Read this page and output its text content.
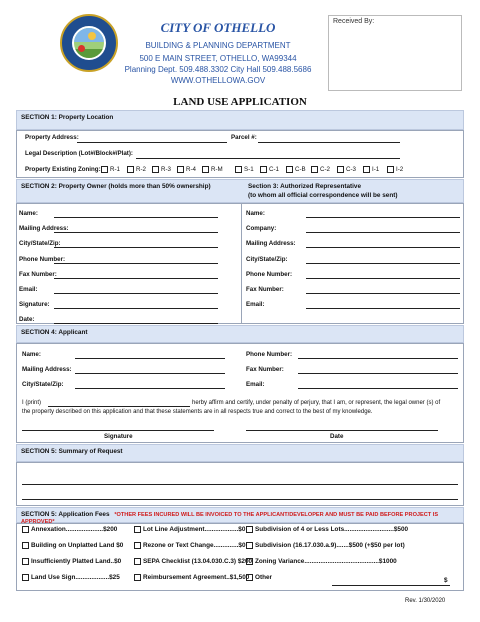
CITY OF OTHELLO
BUILDING & PLANNING DEPARTMENT
500 E MAIN STREET, OTHELLO, WA99344
Planning Dept. 509.488.3302 City Hall 509.488.5686
WWW.OTHELLOWA.GOV
Received By:
LAND USE APPLICATION
SECTION 1: Property Location
Property Address:	Parcel #:
Legal Description (Lot#/Block#/Plat):
Property Existing Zoning:	R-1	R-2	R-3	R-4	R-M	S-1	C-1	C-B	C-2	C-3	I-1	I-2
SECTION 2: Property Owner (holds more than 50% ownership)	Section 3: Authorized Representative
(to whom all official correspondence will be sent)
Name:
Mailing Address:
City/State/Zip:
Phone Number:
Fax Number:
Email:
Signature:
Date:
Name:
Company:
Mailing Address:
City/State/Zip:
Phone Number:
Fax Number:
Email:
SECTION 4: Applicant
Name:
Mailing Address:
City/State/Zip:
Phone Number:
Fax Number:
Email:
I (print)	herby affirm and certify, under penalty of perjury, that I am, or represent, the legal owner (s) of
the property described on this application and that these statements are in all respects true and correct to the best of my knowledge.
Signature	Date
SECTION 5: Summary of Request
SECTION 5: Application Fees *OTHER FEES INCURED WILL BE INVOICED TO THE APPLICANT/DEVELOPER AND MUST BE PAID BEFORE PROJECT IS APPROVED*
Annexation.....................$200	Lot Line Adjustment...................$0	Subdivision of 4 or Less Lots............................$500
Building on Unplatted Land $0	Rezone or Text Change..............$0	Subdivision (16.17.030.a.9).......$500 (+$50 per lot)
Insufficiently Platted Land..$0	SEPA Checklist (13.04.030.C.3) $200 Zoning Variance..........................................$1000
Land Use Sign...................$25	Reimbursement Agreement..$1,500 Other	$
Rev. 1/30/2020
